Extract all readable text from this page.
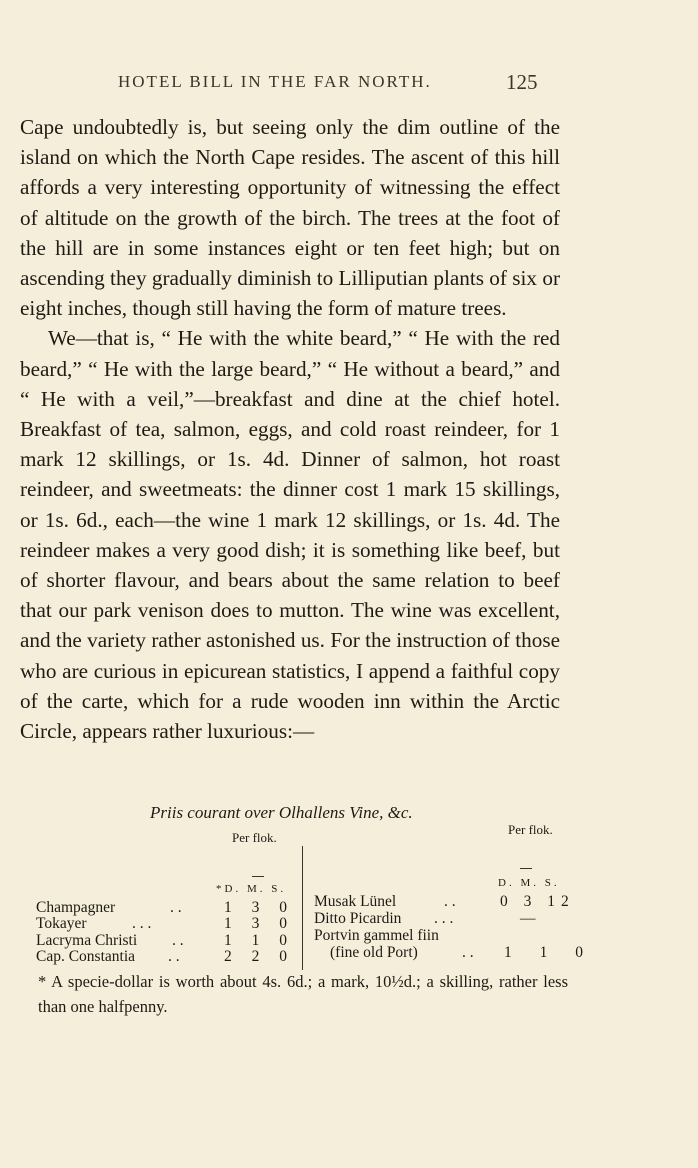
HOTEL BILL IN THE FAR NORTH.	125

Cape undoubtedly is, but seeing only the dim outline of the island on which the North Cape resides. The ascent of this hill affords a very interesting opportunity of witnessing the effect of altitude on the growth of the birch. The trees at the foot of the hill are in some instances eight or ten feet high; but on ascending they gradually diminish to Lilliputian plants of six or eight inches, though still having the form of mature trees.

We—that is, “ He with the white beard,” “ He with the red beard,” “ He with the large beard,” “ He without a beard,” and “ He with a veil,”—breakfast and dine at the chief hotel. Breakfast of tea, salmon, eggs, and cold roast reindeer, for 1 mark 12 skillings, or 1s. 4d. Dinner of salmon, hot roast reindeer, and sweetmeats: the dinner cost 1 mark 15 skillings, or 1s. 6d., each—the wine 1 mark 12 skillings, or 1s. 4d. The reindeer makes a very good dish; it is something like beef, but of shorter flavour, and bears about the same relation to beef that our park venison does to mutton. The wine was excellent, and the variety rather astonished us. For the instruction of those who are curious in epicurean statistics, I append a faithful copy of the carte, which for a rude wooden inn within the Arctic Circle, appears rather luxurious:—

Priis courant over Olhallens Vine, &c.
Per flok.
*D. M. S.
Per flok.
D. M. S.
Champagner	. .	1 3 0
Tokayer	. . .	1 3 0
Lacryma Christi . .	1 1 0
Cap. Constantia . .	2 2 0
Musak Lünel	. .	0 3 12
Ditto Picardin . . .	—
Portvin gammel fiin
(fine old Port)	. . 1 1 0
* A specie-dollar is worth about 4s. 6d.; a mark, 10½d.; a skilling, rather less than one halfpenny.
